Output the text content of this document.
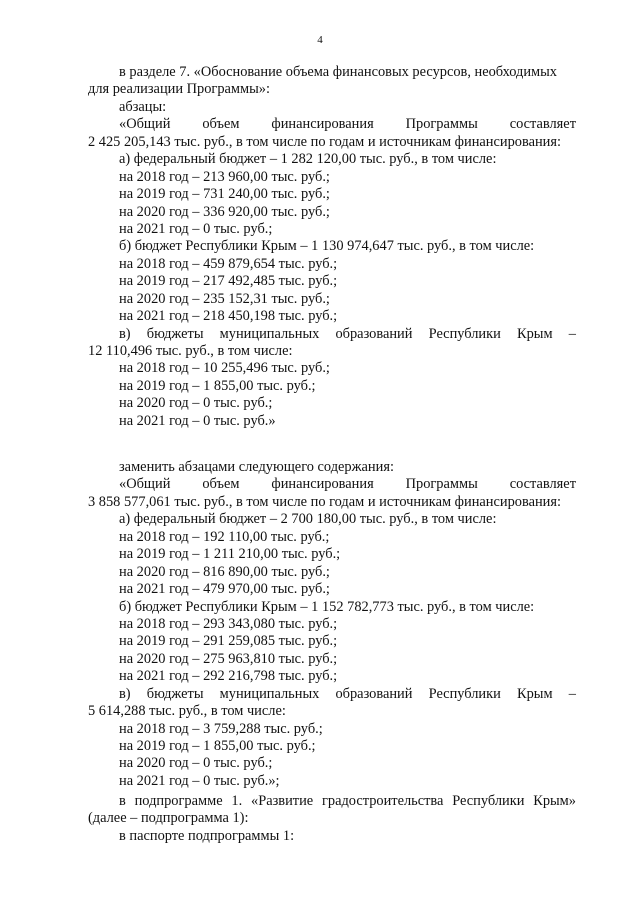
4
в разделе 7. «Обоснование объема финансовых ресурсов, необходимых
для реализации Программы»:
абзацы:
«Общий объем финансирования Программы составляет
2 425 205,143 тыс. руб., в том числе по годам и источникам финансирования:
а) федеральный бюджет – 1 282 120,00 тыс. руб., в том числе:
на 2018 год – 213 960,00 тыс. руб.;
на 2019 год – 731 240,00 тыс. руб.;
на 2020 год – 336 920,00 тыс. руб.;
на 2021 год – 0 тыс. руб.;
б) бюджет Республики Крым – 1 130 974,647 тыс. руб., в том числе:
на 2018 год – 459 879,654 тыс. руб.;
на 2019 год – 217 492,485 тыс. руб.;
на 2020 год – 235 152,31 тыс. руб.;
на 2021 год – 218 450,198 тыс. руб.;
в) бюджеты муниципальных образований Республики Крым –
12 110,496 тыс. руб., в том числе:
на 2018 год – 10 255,496 тыс. руб.;
на 2019 год – 1 855,00 тыс. руб.;
на 2020 год – 0 тыс. руб.;
на 2021 год – 0 тыс. руб.»
заменить абзацами следующего содержания:
«Общий объем финансирования Программы составляет
3 858 577,061 тыс. руб., в том числе по годам и источникам финансирования:
а) федеральный бюджет – 2 700 180,00 тыс. руб., в том числе:
на 2018 год – 192 110,00 тыс. руб.;
на 2019 год – 1 211 210,00 тыс. руб.;
на 2020 год – 816 890,00 тыс. руб.;
на 2021 год – 479 970,00 тыс. руб.;
б) бюджет Республики Крым – 1 152 782,773 тыс. руб., в том числе:
на 2018 год – 293 343,080 тыс. руб.;
на 2019 год – 291 259,085 тыс. руб.;
на 2020 год – 275 963,810 тыс. руб.;
на 2021 год – 292 216,798 тыс. руб.;
в) бюджеты муниципальных образований Республики Крым –
5 614,288 тыс. руб., в том числе:
на 2018 год – 3 759,288 тыс. руб.;
на 2019 год – 1 855,00 тыс. руб.;
на 2020 год – 0 тыс. руб.;
на 2021 год – 0 тыс. руб.»;
в подпрограмме 1. «Развитие градостроительства Республики Крым»
(далее – подпрограмма 1):
в паспорте подпрограммы 1:
